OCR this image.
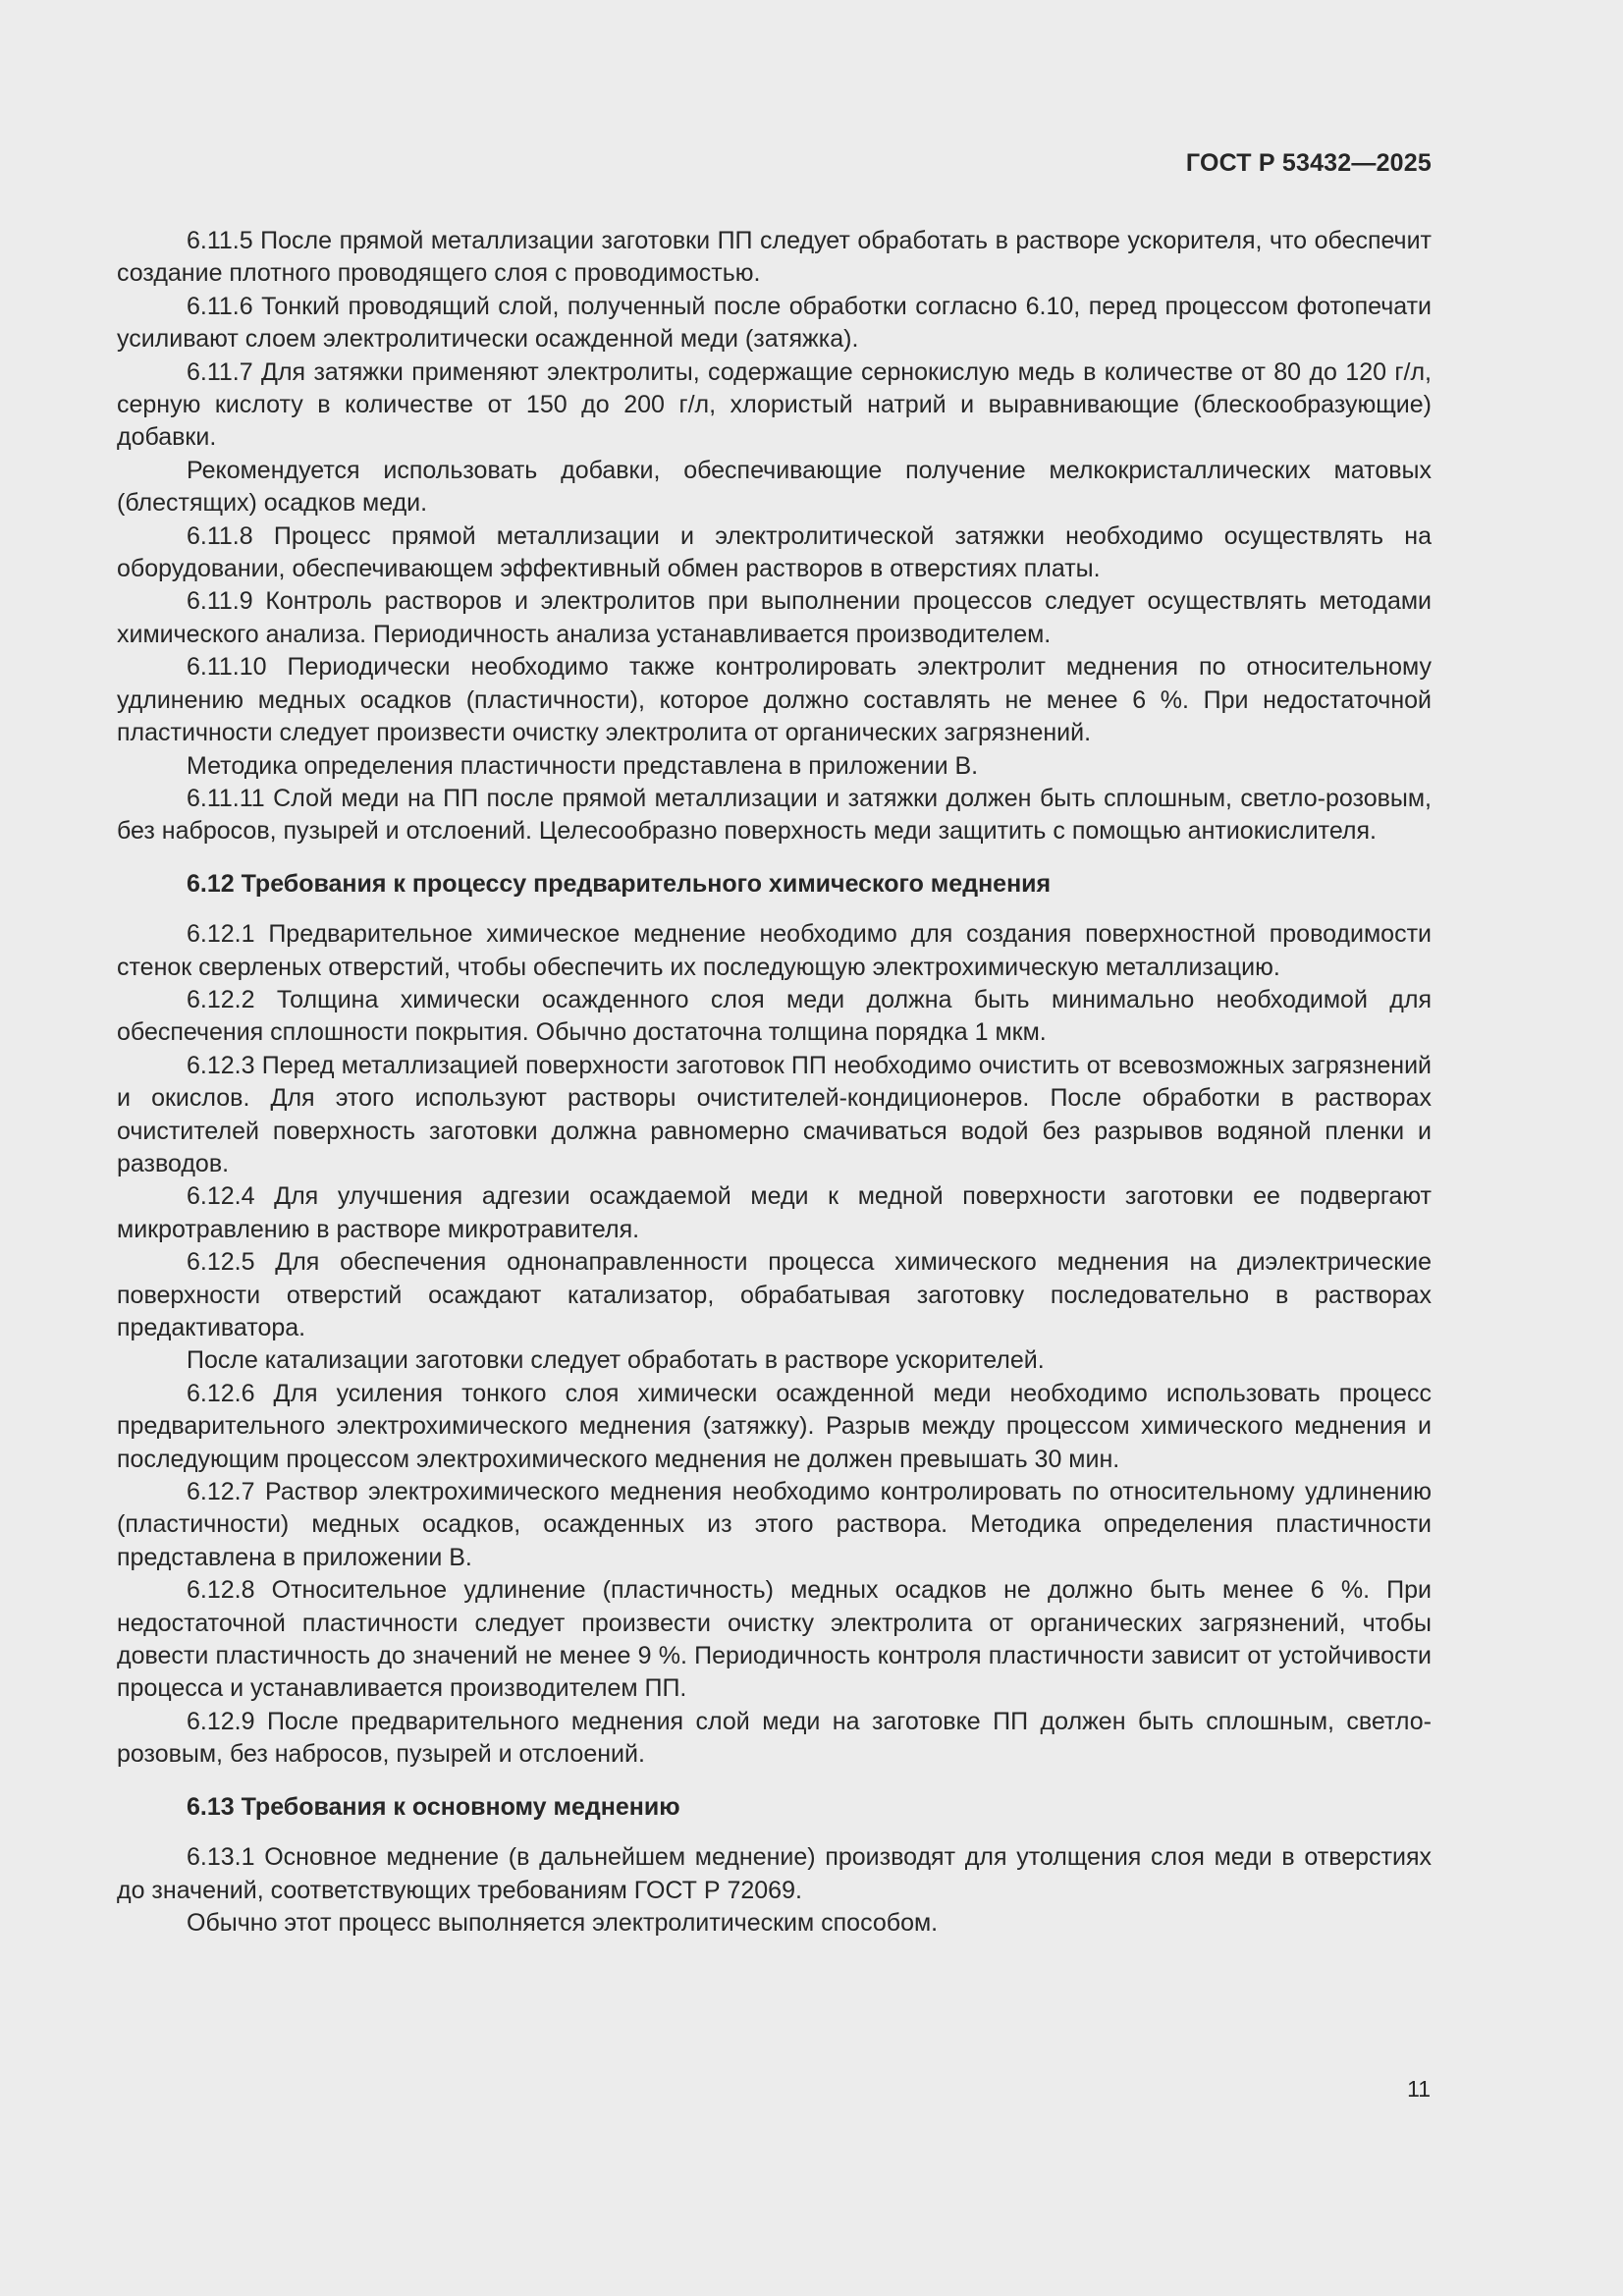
ГОСТ Р 53432—2025

6.11.5 После прямой металлизации заготовки ПП следует обработать в растворе ускорителя, что обеспечит создание плотного проводящего слоя с проводимостью.

6.11.6 Тонкий проводящий слой, полученный после обработки согласно 6.10, перед процессом фотопечати усиливают слоем электролитически осажденной меди (затяжка).

6.11.7 Для затяжки применяют электролиты, содержащие сернокислую медь в количестве от 80 до 120 г/л, серную кислоту в количестве от 150 до 200 г/л, хлористый натрий и выравнивающие (блескообразующие) добавки.

Рекомендуется использовать добавки, обеспечивающие получение мелкокристаллических матовых (блестящих) осадков меди.

6.11.8 Процесс прямой металлизации и электролитической затяжки необходимо осуществлять на оборудовании, обеспечивающем эффективный обмен растворов в отверстиях платы.

6.11.9 Контроль растворов и электролитов при выполнении процессов следует осуществлять методами химического анализа. Периодичность анализа устанавливается производителем.

6.11.10 Периодически необходимо также контролировать электролит меднения по относительному удлинению медных осадков (пластичности), которое должно составлять не менее 6 %. При недостаточной пластичности следует произвести очистку электролита от органических загрязнений.

Методика определения пластичности представлена в приложении В.

6.11.11 Слой меди на ПП после прямой металлизации и затяжки должен быть сплошным, светло-розовым, без набросов, пузырей и отслоений. Целесообразно поверхность меди защитить с помощью антиокислителя.

6.12 Требования к процессу предварительного химического меднения

6.12.1 Предварительное химическое меднение необходимо для создания поверхностной проводимости стенок сверленых отверстий, чтобы обеспечить их последующую электрохимическую металлизацию.

6.12.2 Толщина химически осажденного слоя меди должна быть минимально необходимой для обеспечения сплошности покрытия. Обычно достаточна толщина порядка 1 мкм.

6.12.3 Перед металлизацией поверхности заготовок ПП необходимо очистить от всевозможных загрязнений и окислов. Для этого используют растворы очистителей-кондиционеров. После обработки в растворах очистителей поверхность заготовки должна равномерно смачиваться водой без разрывов водяной пленки и разводов.

6.12.4 Для улучшения адгезии осаждаемой меди к медной поверхности заготовки ее подвергают микротравлению в растворе микротравителя.

6.12.5 Для обеспечения однонаправленности процесса химического меднения на диэлектрические поверхности отверстий осаждают катализатор, обрабатывая заготовку последовательно в растворах предактиватора.

После катализации заготовки следует обработать в растворе ускорителей.

6.12.6 Для усиления тонкого слоя химически осажденной меди необходимо использовать процесс предварительного электрохимического меднения (затяжку). Разрыв между процессом химического меднения и последующим процессом электрохимического меднения не должен превышать 30 мин.

6.12.7 Раствор электрохимического меднения необходимо контролировать по относительному удлинению (пластичности) медных осадков, осажденных из этого раствора. Методика определения пластичности представлена в приложении В.

6.12.8 Относительное удлинение (пластичность) медных осадков не должно быть менее 6 %. При недостаточной пластичности следует произвести очистку электролита от органических загрязнений, чтобы довести пластичность до значений не менее 9 %. Периодичность контроля пластичности зависит от устойчивости процесса и устанавливается производителем ПП.

6.12.9 После предварительного меднения слой меди на заготовке ПП должен быть сплошным, светло-розовым, без набросов, пузырей и отслоений.

6.13 Требования к основному меднению

6.13.1 Основное меднение (в дальнейшем меднение) производят для утолщения слоя меди в отверстиях до значений, соответствующих требованиям ГОСТ Р 72069.

Обычно этот процесс выполняется электролитическим способом.

11
